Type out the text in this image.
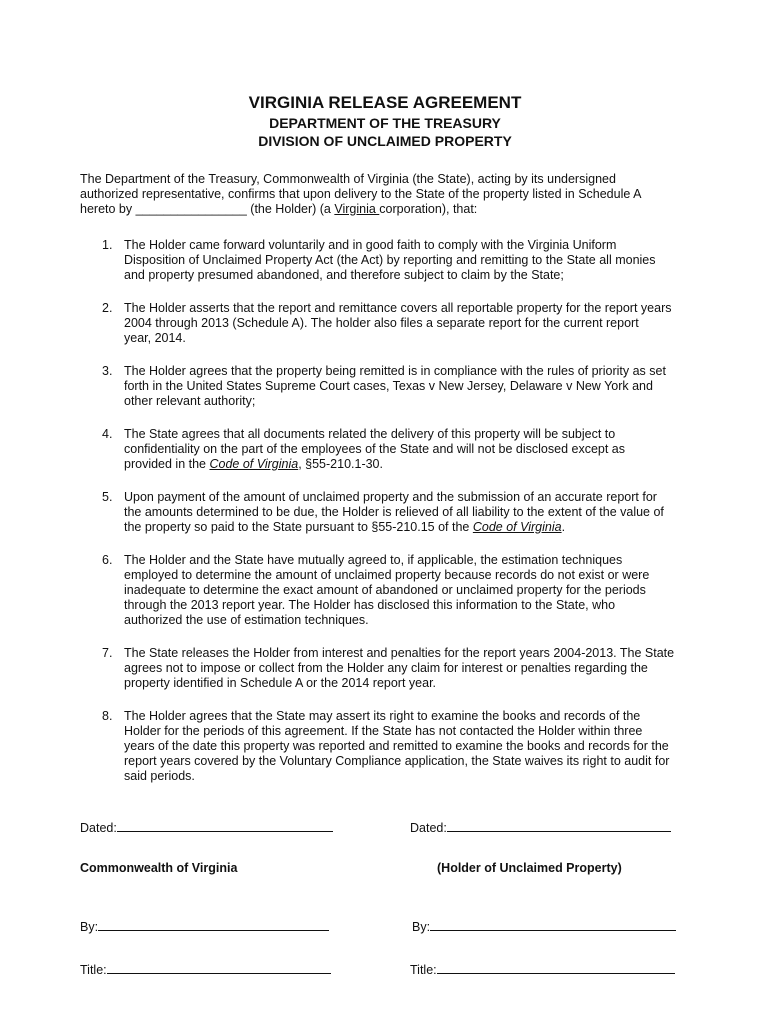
VIRGINIA RELEASE AGREEMENT
DEPARTMENT OF THE TREASURY
DIVISION OF UNCLAIMED PROPERTY
The Department of the Treasury, Commonwealth of Virginia (the State), acting by its undersigned
authorized representative, confirms that upon delivery to the State of the property listed in Schedule A
hereto by ________________ (the Holder) (a Virginia corporation), that:
1. The Holder came forward voluntarily and in good faith to comply with the Virginia Uniform
Disposition of Unclaimed Property Act (the Act) by reporting and remitting to the State all monies
and property presumed abandoned, and therefore subject to claim by the State;
2. The Holder asserts that the report and remittance covers all reportable property for the report years
2004 through 2013 (Schedule A). The holder also files a separate report for the current report
year, 2014.
3. The Holder agrees that the property being remitted is in compliance with the rules of priority as set
forth in the United States Supreme Court cases, Texas v New Jersey, Delaware v New York and
other relevant authority;
4. The State agrees that all documents related the delivery of this property will be subject to
confidentiality on the part of the employees of the State and will not be disclosed except as
provided in the Code of Virginia, §55-210.1-30.
5. Upon payment of the amount of unclaimed property and the submission of an accurate report for
the amounts determined to be due, the Holder is relieved of all liability to the extent of the value of
the property so paid to the State pursuant to §55-210.15 of the Code of Virginia.
6. The Holder and the State have mutually agreed to, if applicable, the estimation techniques
employed to determine the amount of unclaimed property because records do not exist or were
inadequate to determine the exact amount of abandoned or unclaimed property for the periods
through the 2013 report year. The Holder has disclosed this information to the State, who
authorized the use of estimation techniques.
7. The State releases the Holder from interest and penalties for the report years 2004-2013. The State
agrees not to impose or collect from the Holder any claim for interest or penalties regarding the
property identified in Schedule A or the 2014 report year.
8. The Holder agrees that the State may assert its right to examine the books and records of the
Holder for the periods of this agreement. If the State has not contacted the Holder within three
years of the date this property was reported and remitted to examine the books and records for the
report years covered by the Voluntary Compliance application, the State waives its right to audit for
said periods.
Dated:	Dated:
Commonwealth of Virginia	(Holder of Unclaimed Property)
By:	By:
Title:	Title:
